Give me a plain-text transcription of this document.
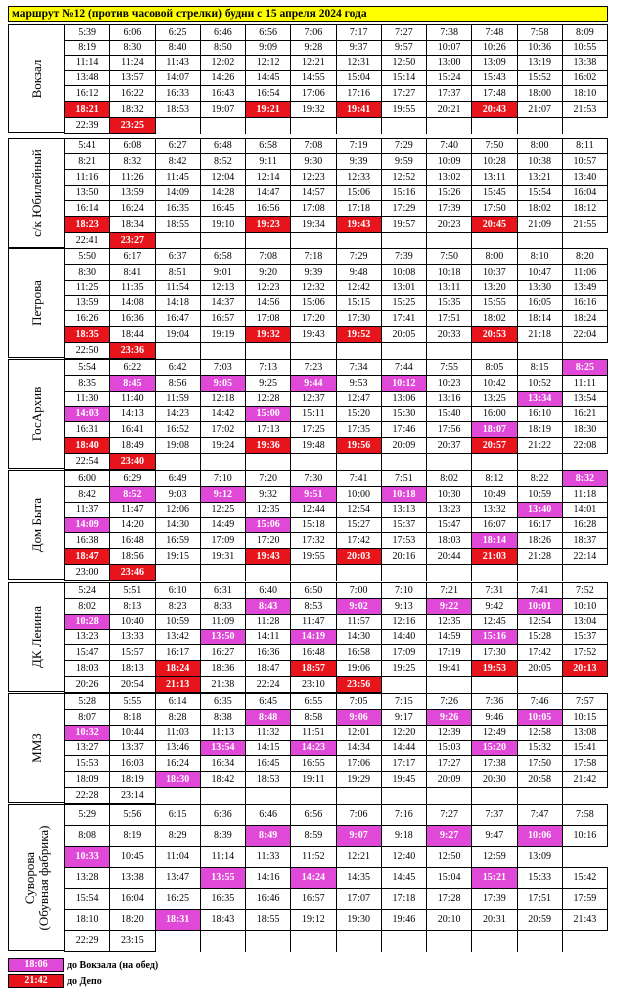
маршрут №12 (против часовой стрелки) будни с 15 апреля 2024 года
Вокзал
5:39	6:06	6:25	6:46	6:56	7:06	7:17	7:27	7:38	7:48	7:58	8:09
8:19	8:30	8:40	8:50	9:09	9:28	9:37	9:57	10:07	10:26	10:36	10:55
11:14	11:24	11:43	12:02	12:12	12:21	12:31	12:50	13:00	13:09	13:19	13:38
13:48	13:57	14:07	14:26	14:45	14:55	15:04	15:14	15:24	15:43	15:52	16:02
16:12	16:22	16:33	16:43	16:54	17:06	17:16	17:27	17:37	17:48	18:00	18:10
18:21	18:32	18:53	19:07	19:21	19:32	19:41	19:55	20:21	20:43	21:07	21:53
22:39	23:25										
с/к Юбилейный
5:41	6:08	6:27	6:48	6:58	7:08	7:19	7:29	7:40	7:50	8:00	8:11
8:21	8:32	8:42	8:52	9:11	9:30	9:39	9:59	10:09	10:28	10:38	10:57
11:16	11:26	11:45	12:04	12:14	12:23	12:33	12:52	13:02	13:11	13:21	13:40
13:50	13:59	14:09	14:28	14:47	14:57	15:06	15:16	15:26	15:45	15:54	16:04
16:14	16:24	16:35	16:45	16:56	17:08	17:18	17:29	17:39	17:50	18:02	18:12
18:23	18:34	18:55	19:10	19:23	19:34	19:43	19:57	20:23	20:45	21:09	21:55
22:41	23:27										
Петрова
5:50	6:17	6:37	6:58	7:08	7:18	7:29	7:39	7:50	8:00	8:10	8:20
8:30	8:41	8:51	9:01	9:20	9:39	9:48	10:08	10:18	10:37	10:47	11:06
11:25	11:35	11:54	12:13	12:23	12:32	12:42	13:01	13:11	13:20	13:30	13:49
13:59	14:08	14:18	14:37	14:56	15:06	15:15	15:25	15:35	15:55	16:05	16:16
16:26	16:36	16:47	16:57	17:08	17:20	17:30	17:41	17:51	18:02	18:14	18:24
18:35	18:44	19:04	19:19	19:32	19:43	19:52	20:05	20:33	20:53	21:18	22:04
22:50	23:36										
ГосАрхив
5:54	6:22	6:42	7:03	7:13	7:23	7:34	7:44	7:55	8:05	8:15	8:25
8:35	8:45	8:56	9:05	9:25	9:44	9:53	10:12	10:23	10:42	10:52	11:11
11:30	11:40	11:59	12:18	12:28	12:37	12:47	13:06	13:16	13:25	13:34	13:54
14:03	14:13	14:23	14:42	15:00	15:11	15:20	15:30	15:40	16:00	16:10	16:21
16:31	16:41	16:52	17:02	17:13	17:25	17:35	17:46	17:56	18:07	18:19	18:30
18:40	18:49	19:08	19:24	19:36	19:48	19:56	20:09	20:37	20:57	21:22	22:08
22:54	23:40										
Дом Быта
6:00	6:29	6:49	7:10	7:20	7:30	7:41	7:51	8:02	8:12	8:22	8:32
8:42	8:52	9:03	9:12	9:32	9:51	10:00	10:18	10:30	10:49	10:59	11:18
11:37	11:47	12:06	12:25	12:35	12:44	12:54	13:13	13:23	13:32	13:40	14:01
14:09	14:20	14:30	14:49	15:06	15:18	15:27	15:37	15:47	16:07	16:17	16:28
16:38	16:48	16:59	17:09	17:20	17:32	17:42	17:53	18:03	18:14	18:26	18:37
18:47	18:56	19:15	19:31	19:43	19:55	20:03	20:16	20:44	21:03	21:28	22:14
23:00	23:46										
ДК Ленина
5:24	5:51	6:10	6:31	6:40	6:50	7:00	7:10	7:21	7:31	7:41	7:52
8:02	8:13	8:23	8:33	8:43	8:53	9:02	9:13	9:22	9:42	10:01	10:10
10:28	10:40	10:59	11:09	11:28	11:47	11:57	12:16	12:35	12:45	12:54	13:04
13:23	13:33	13:42	13:50	14:11	14:19	14:30	14:40	14:59	15:16	15:28	15:37
15:47	15:57	16:17	16:27	16:36	16:48	16:58	17:09	17:19	17:30	17:42	17:52
18:03	18:13	18:24	18:36	18:47	18:57	19:06	19:25	19:41	19:53	20:05	20:13
20:26	20:54	21:13	21:38	22:24	23:10	23:56					
ММЗ
5:28	5:55	6:14	6:35	6:45	6:55	7:05	7:15	7:26	7:36	7:46	7:57
8:07	8:18	8:28	8:38	8:48	8:58	9:06	9:17	9:26	9:46	10:05	10:15
10:32	10:44	11:03	11:13	11:32	11:51	12:01	12:20	12:39	12:49	12:58	13:08
13:27	13:37	13:46	13:54	14:15	14:23	14:34	14:44	15:03	15:20	15:32	15:41
15:53	16:03	16:24	16:34	16:45	16:55	17:06	17:17	17:27	17:38	17:50	17:58
18:09	18:19	18:30	18:42	18:53	19:11	19:29	19:45	20:09	20:30	20:58	21:42
22:28	23:14										
Суворова
(Обувная фабрика)
5:29	5:56	6:15	6:36	6:46	6:56	7:06	7:16	7:27	7:37	7:47	7:58
8:08	8:19	8:29	8:39	8:49	8:59	9:07	9:18	9:27	9:47	10:06	10:16
10:33	10:45	11:04	11:14	11:33	11:52	12:21	12:40	12:50	12:59	13:09	
13:28	13:38	13:47	13:55	14:16	14:24	14:35	14:45	15:04	15:21	15:33	15:42
15:54	16:04	16:25	16:35	16:46	16:57	17:07	17:18	17:28	17:39	17:51	17:59
18:10	18:20	18:31	18:43	18:55	19:12	19:30	19:46	20:10	20:31	20:59	21:43
22:29	23:15										
18:06	до Вокзала (на обед)
21:42	до Депо
